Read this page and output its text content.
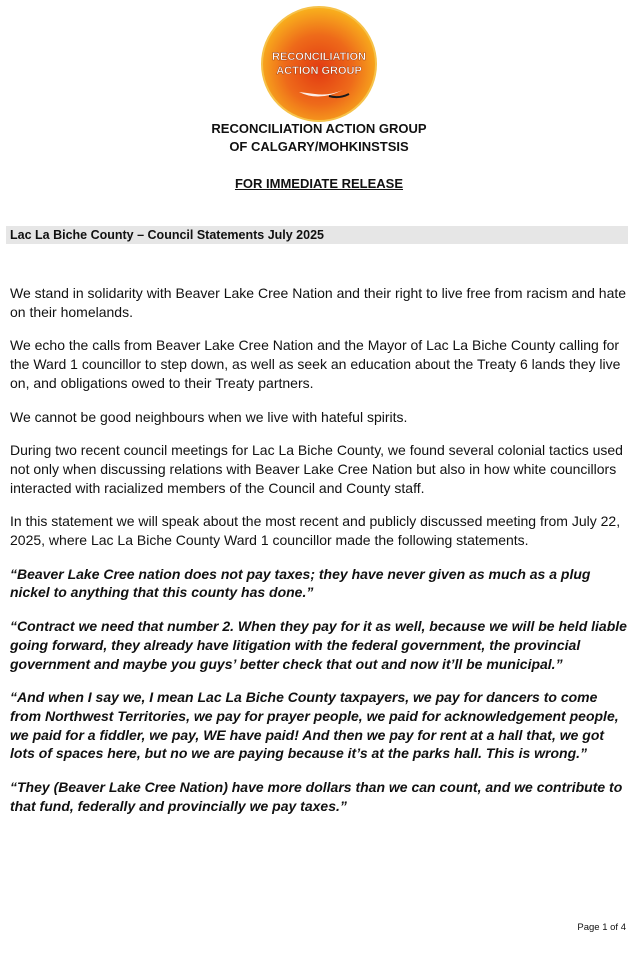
RECONCILIATION
ACTION GROUP
RECONCILIATION ACTION GROUP
OF CALGARY/MOHKINSTSIS
FOR IMMEDIATE RELEASE
Lac La Biche County – Council Statements July 2025

We stand in solidarity with Beaver Lake Cree Nation and their right to live free from racism and hate on their homelands.

We echo the calls from Beaver Lake Cree Nation and the Mayor of Lac La Biche County calling for the Ward 1 councillor to step down, as well as seek an education about the Treaty 6 lands they live on, and obligations owed to their Treaty partners.

We cannot be good neighbours when we live with hateful spirits.

During two recent council meetings for Lac La Biche County, we found several colonial tactics used not only when discussing relations with Beaver Lake Cree Nation but also in how white councillors interacted with racialized members of the Council and County staff.

In this statement we will speak about the most recent and publicly discussed meeting from July 22, 2025, where Lac La Biche County Ward 1 councillor made the following statements.

“Beaver Lake Cree nation does not pay taxes; they have never given as much as a plug nickel to anything that this county has done.”

“Contract we need that number 2. When they pay for it as well, because we will be held liable going forward, they already have litigation with the federal government, the provincial government and maybe you guys’ better check that out and now it’ll be municipal.”

“And when I say we, I mean Lac La Biche County taxpayers, we pay for dancers to come from Northwest Territories, we pay for prayer people, we paid for acknowledgement people, we paid for a fiddler, we pay, WE have paid! And then we pay for rent at a hall that, we got lots of spaces here, but no we are paying because it’s at the parks hall. This is wrong.”

“They (Beaver Lake Cree Nation) have more dollars than we can count, and we contribute to that fund, federally and provincially we pay taxes.”

Page 1 of 4
